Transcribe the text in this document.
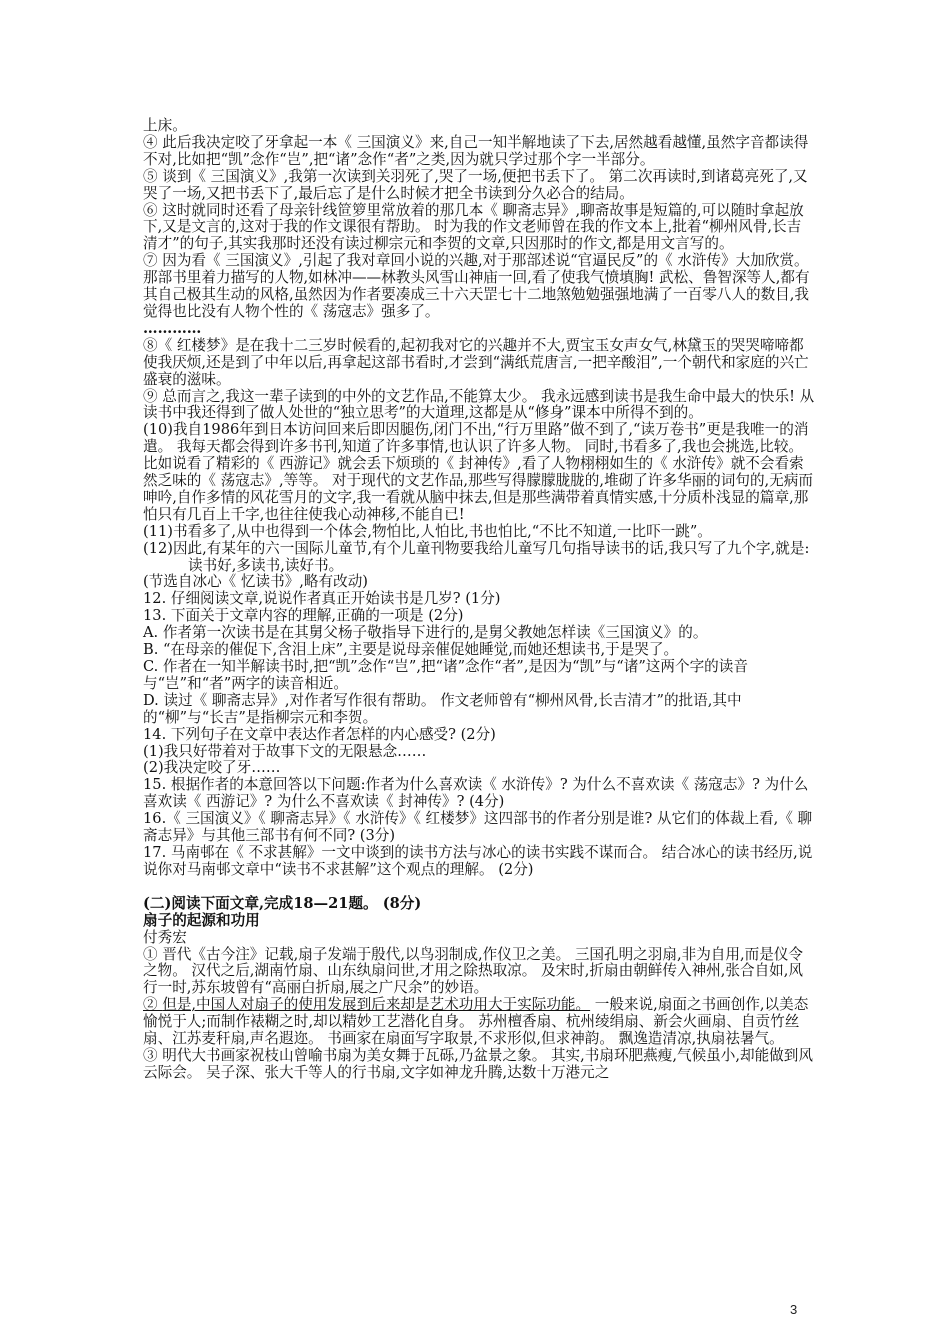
上床。

④ 此后我决定咬了牙拿起一本《 三国演义》来,自己一知半解地读了下去,居然越看越懂,虽然字音都读得不对,比如把“凯”念作“岂”,把“诸”念作“者”之类,因为就只学过那个字一半部分。

⑤ 谈到《 三国演义》,我第一次读到关羽死了,哭了一场,便把书丢下了。 第二次再读时,到诸葛亮死了,又哭了一场,又把书丢下了,最后忘了是什么时候才把全书读到分久必合的结局。

⑥ 这时就同时还看了母亲针线笸箩里常放着的那几本《 聊斋志异》,聊斋故事是短篇的,可以随时拿起放下,又是文言的,这对于我的作文课很有帮助。 时为我的作文老师曾在我的作文本上,批着“柳州风骨,长吉清才”的句子,其实我那时还没有读过柳宗元和李贺的文章,只因那时的作文,都是用文言写的。

⑦ 因为看《 三国演义》,引起了我对章回小说的兴趣,对于那部述说“官逼民反”的《 水浒传》大加欣赏。 那部书里着力描写的人物,如林冲——林教头风雪山神庙一回,看了使我气愤填胸! 武松、鲁智深等人,都有其自己极其生动的风格,虽然因为作者要凑成三十六天罡七十二地煞勉勉强强地满了一百零八人的数目,我觉得也比没有人物个性的《 荡寇志》强多了。

…………

⑧《 红楼梦》是在我十二三岁时候看的,起初我对它的兴趣并不大,贾宝玉女声女气,林黛玉的哭哭啼啼都使我厌烦,还是到了中年以后,再拿起这部书看时,才尝到“满纸荒唐言,一把辛酸泪”,一个朝代和家庭的兴亡盛衰的滋味。

⑨ 总而言之,我这一辈子读到的中外的文艺作品,不能算太少。 我永远感到读书是我生命中最大的快乐! 从读书中我还得到了做人处世的“独立思考”的大道理,这都是从“修身”课本中所得不到的。

(10)我自1986年到日本访问回来后即因腿伤,闭门不出,“行万里路”做不到了,“读万卷书”更是我唯一的消遣。 我每天都会得到许多书刊,知道了许多事情,也认识了许多人物。 同时,书看多了,我也会挑选,比较。 比如说看了精彩的《 西游记》就会丢下烦琐的《 封神传》,看了人物栩栩如生的《 水浒传》就不会看索然乏味的《 荡寇志》,等等。 对于现代的文艺作品,那些写得朦朦胧胧的,堆砌了许多华丽的词句的,无病而呻吟,自作多情的风花雪月的文字,我一看就从脑中抹去,但是那些满带着真情实感,十分质朴浅显的篇章,那怕只有几百上千字,也往往使我心动神移,不能自已!

(11)书看多了,从中也得到一个体会,物怕比,人怕比,书也怕比,“不比不知道,一比吓一跳”。

(12)因此,有某年的六一国际儿童节,有个儿童刊物要我给儿童写几句指导读书的话,我只写了九个字,就是:

读书好,多读书,读好书。

(节选自冰心《 忆读书》,略有改动)

12. 仔细阅读文章,说说作者真正开始读书是几岁? (1分)

13. 下面关于文章内容的理解,正确的一项是 (2分)

A. 作者第一次读书是在其舅父杨子敬指导下进行的,是舅父教她怎样读《三国演义》的。

B. “在母亲的催促下,含泪上床”,主要是说母亲催促她睡觉,而她还想读书,于是哭了。

C. 作者在一知半解读书时,把“凯”念作“岂”,把“诸”念作“者”,是因为“凯”与“诸”这两个字的读音与“岂”和“者”两字的读音相近。

D. 读过《 聊斋志异》,对作者写作很有帮助。 作文老师曾有“柳州风骨,长吉清才”的批语,其中的“柳”与“长吉”是指柳宗元和李贺。

14. 下列句子在文章中表达作者怎样的内心感受? (2分)

(1)我只好带着对于故事下文的无限悬念……

(2)我决定咬了牙……

15. 根据作者的本意回答以下问题:作者为什么喜欢读《 水浒传》? 为什么不喜欢读《 荡寇志》? 为什么喜欢读《 西游记》? 为什么不喜欢读《 封神传》? (4分)

16.《 三国演义》《 聊斋志异》《 水浒传》《 红楼梦》这四部书的作者分别是谁? 从它们的体裁上看,《 聊斋志异》与其他三部书有何不同? (3分)

17. 马南邨在《 不求甚解》一文中谈到的读书方法与冰心的读书实践不谋而合。 结合冰心的读书经历,说说你对马南邨文章中“读书不求甚解”这个观点的理解。 (2分)

(二)阅读下面文章,完成18—21题。 (8分)

扇子的起源和功用

付秀宏

① 晋代《古今注》记载,扇子发端于殷代,以鸟羽制成,作仪卫之美。 三国孔明之羽扇,非为自用,而是仪令之物。 汉代之后,湖南竹扇、山东纨扇问世,才用之除热取凉。 及宋时,折扇由朝鲜传入神州,张合自如,风行一时,苏东坡曾有“高丽白折扇,展之广尺余”的妙语。

② 但是,中国人对扇子的使用发展到后来却是艺术功用大于实际功能。 一般来说,扇面之书画创作,以美态愉悦于人;而制作裱糊之时,却以精妙工艺潜化自身。 苏州檀香扇、杭州绫绢扇、新会火画扇、自贡竹丝扇、江苏麦秆扇,声名遐迩。 书画家在扇面写字取景,不求形似,但求神韵。 飘逸造清凉,执扇祛暑气。

③ 明代大书画家祝枝山曾喻书扇为美女舞于瓦砾,乃盆景之象。 其实,书扇环肥燕瘦,气候虽小,却能做到风云际会。 吴子深、张大千等人的行书扇,文字如神龙升腾,达数十万港元之

3
